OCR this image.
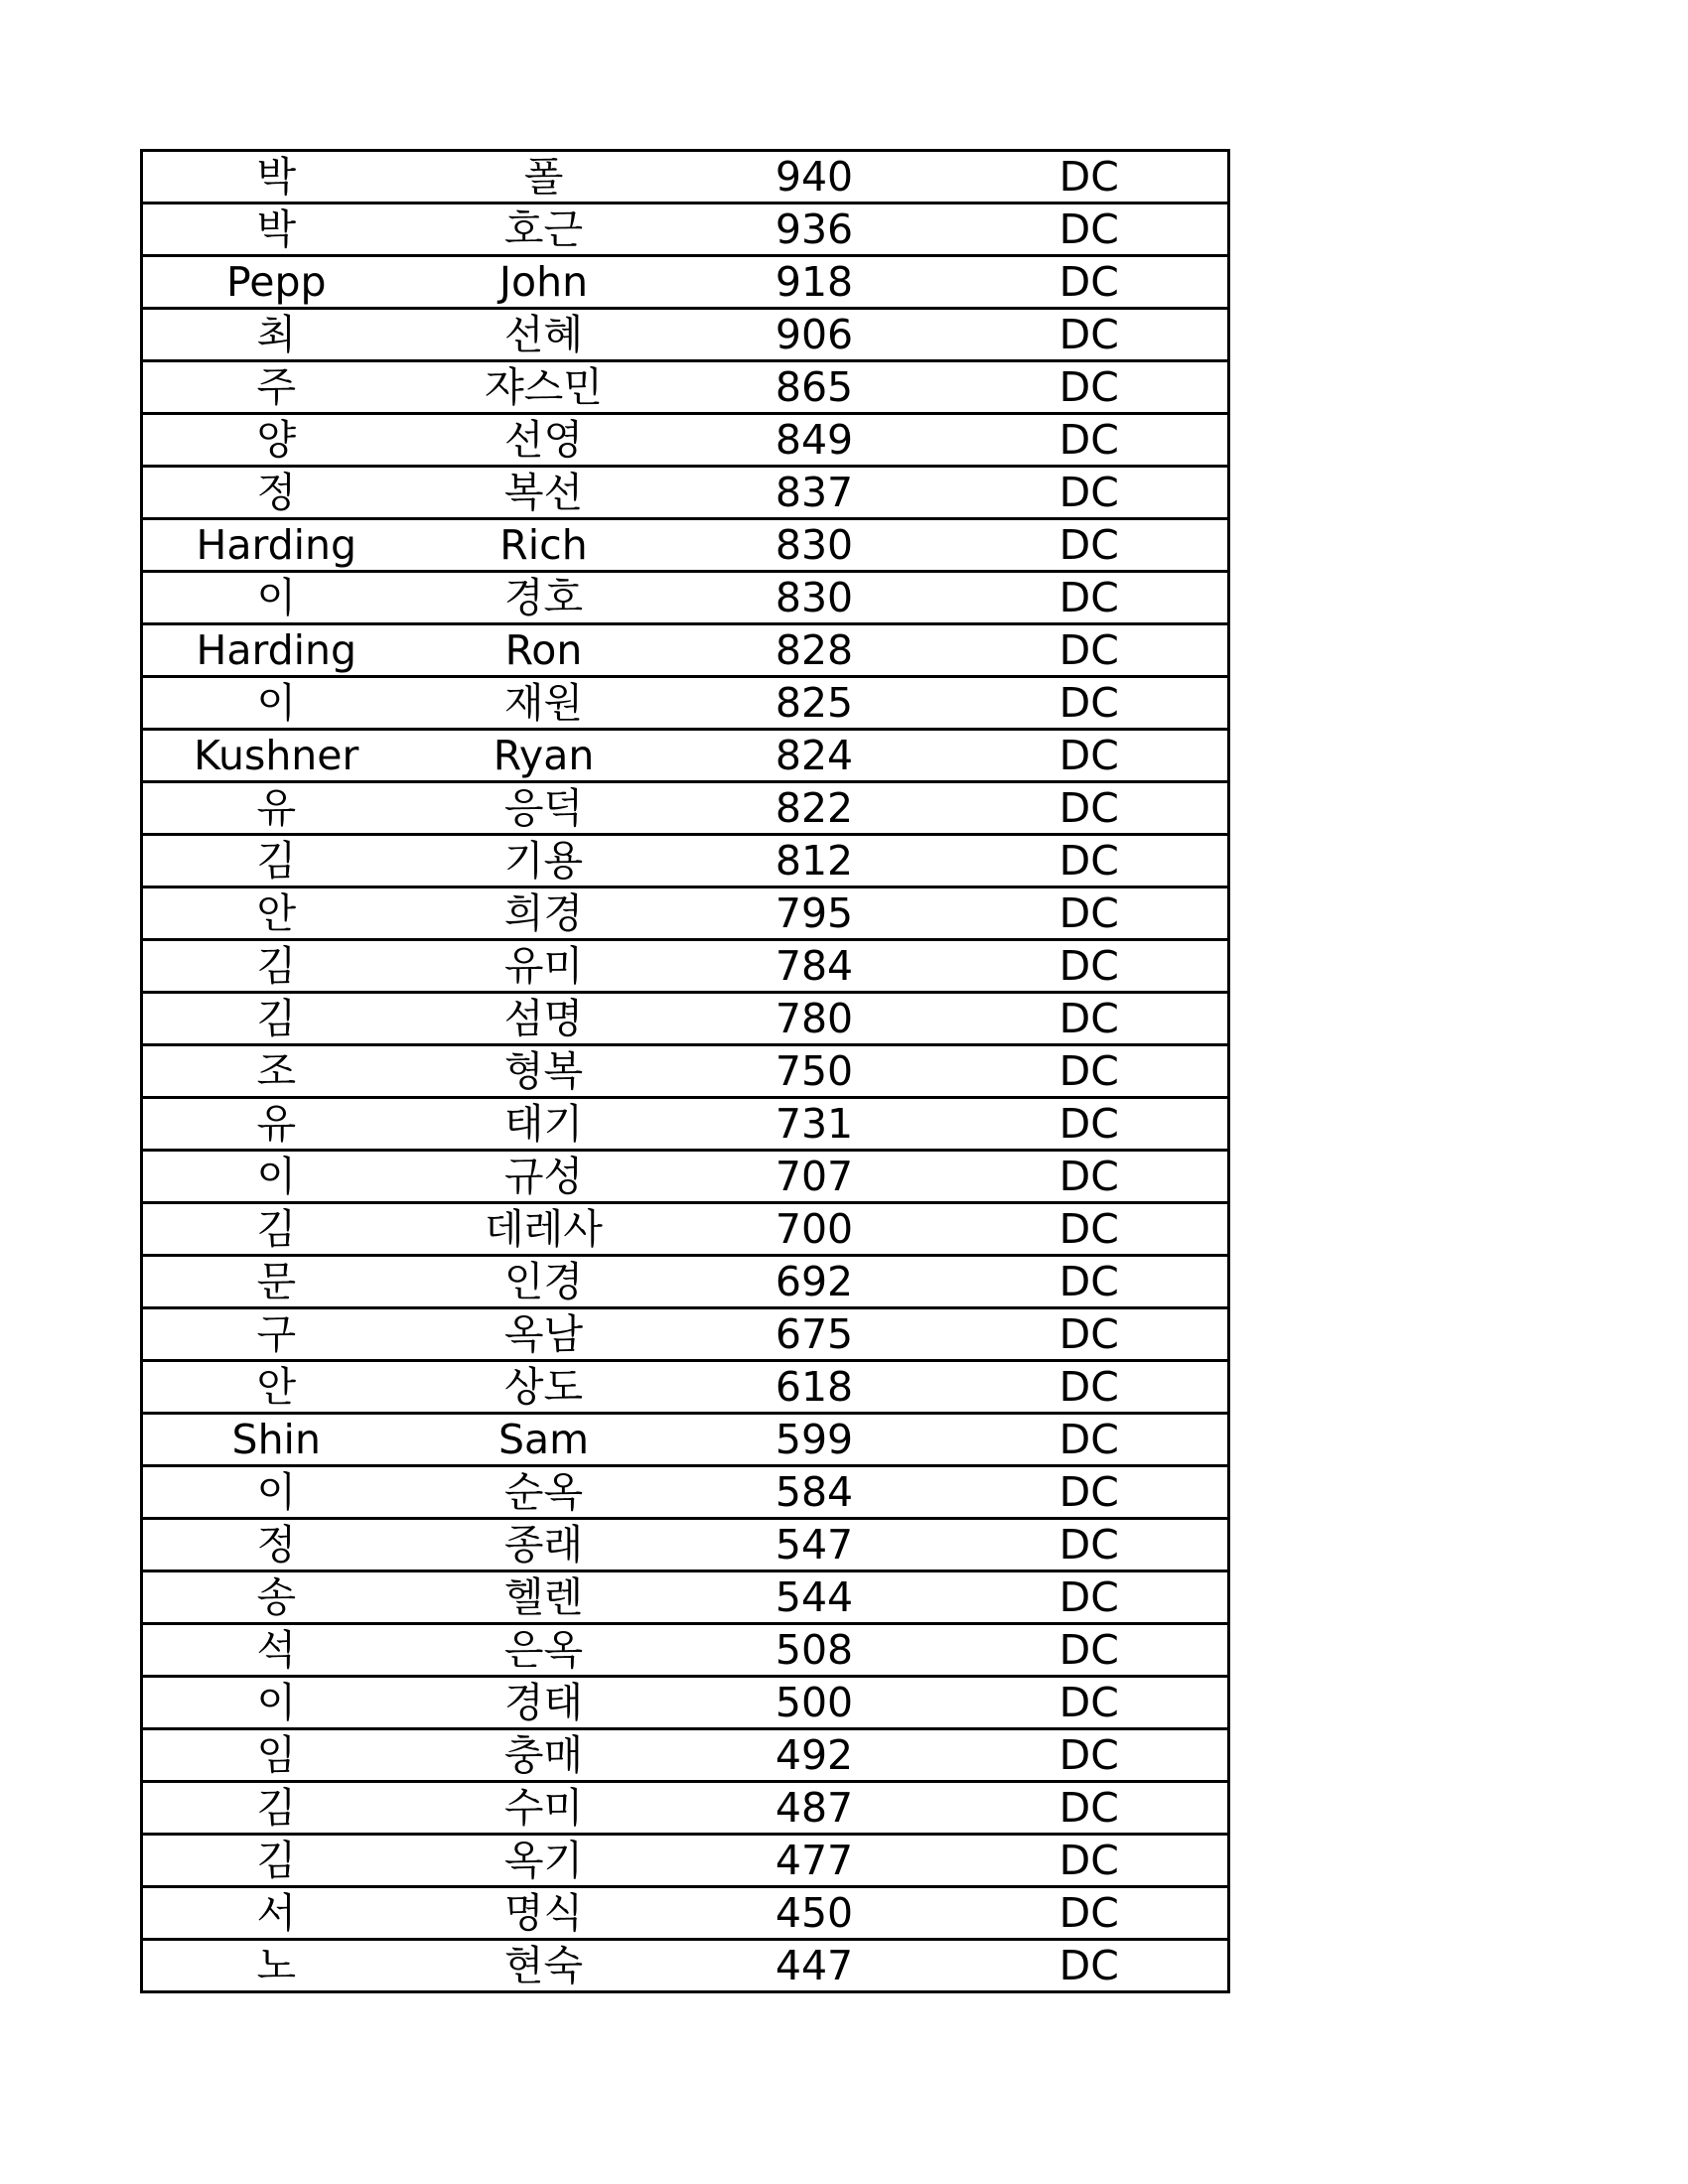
박	폴	940	DC
박	호근	936	DC
Pepp	John	918	DC
최	선혜	906	DC
주	쟈스민	865	DC
양	선영	849	DC
정	복선	837	DC
Harding	Rich	830	DC
이	경호	830	DC
Harding	Ron	828	DC
이	재원	825	DC
Kushner	Ryan	824	DC
유	응덕	822	DC
김	기용	812	DC
안	희경	795	DC
김	유미	784	DC
김	섬명	780	DC
조	형복	750	DC
유	태기	731	DC
이	규성	707	DC
김	데레사	700	DC
문	인경	692	DC
구	옥남	675	DC
안	상도	618	DC
Shin	Sam	599	DC
이	순옥	584	DC
정	종래	547	DC
송	헬렌	544	DC
석	은옥	508	DC
이	경태	500	DC
임	충매	492	DC
김	수미	487	DC
김	옥기	477	DC
서	명식	450	DC
노	현숙	447	DC
